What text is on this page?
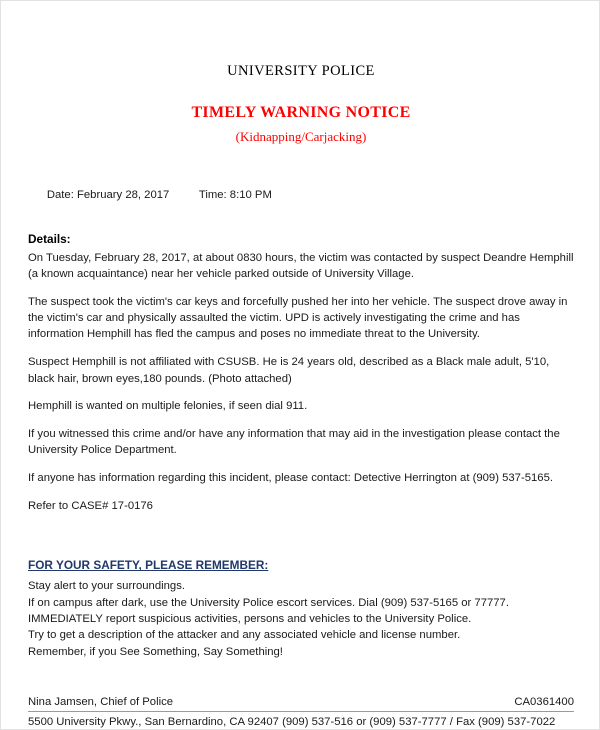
UNIVERSITY POLICE
TIMELY WARNING NOTICE
(Kidnapping/Carjacking)

Date: February 28, 2017	Time: 8:10 PM

Details:

On Tuesday, February 28, 2017, at about 0830 hours, the victim was contacted by suspect Deandre Hemphill (a known acquaintance) near her vehicle parked outside of University Village.

The suspect took the victim's car keys and forcefully pushed her into her vehicle. The suspect drove away in the victim's car and physically assaulted the victim. UPD is actively investigating the crime and has information Hemphill has fled the campus and poses no immediate threat to the University.

Suspect Hemphill is not affiliated with CSUSB. He is 24 years old, described as a Black male adult, 5'10, black hair, brown eyes,180 pounds. (Photo attached)

Hemphill is wanted on multiple felonies, if seen dial 911.

If you witnessed this crime and/or have any information that may aid in the investigation please contact the University Police Department.

If anyone has information regarding this incident, please contact: Detective Herrington at (909) 537-5165.

Refer to CASE# 17-0176

FOR YOUR SAFETY, PLEASE REMEMBER:
Stay alert to your surroundings.
If on campus after dark, use the University Police escort services. Dial (909) 537-5165 or 77777.
IMMEDIATELY report suspicious activities, persons and vehicles to the University Police.
Try to get a description of the attacker and any associated vehicle and license number.
Remember, if you See Something, Say Something!
Nina Jamsen, Chief of Police	CA0361400
5500 University Pkwy., San Bernardino, CA 92407 (909) 537-516 or (909) 537-7777 / Fax (909) 537-7022
